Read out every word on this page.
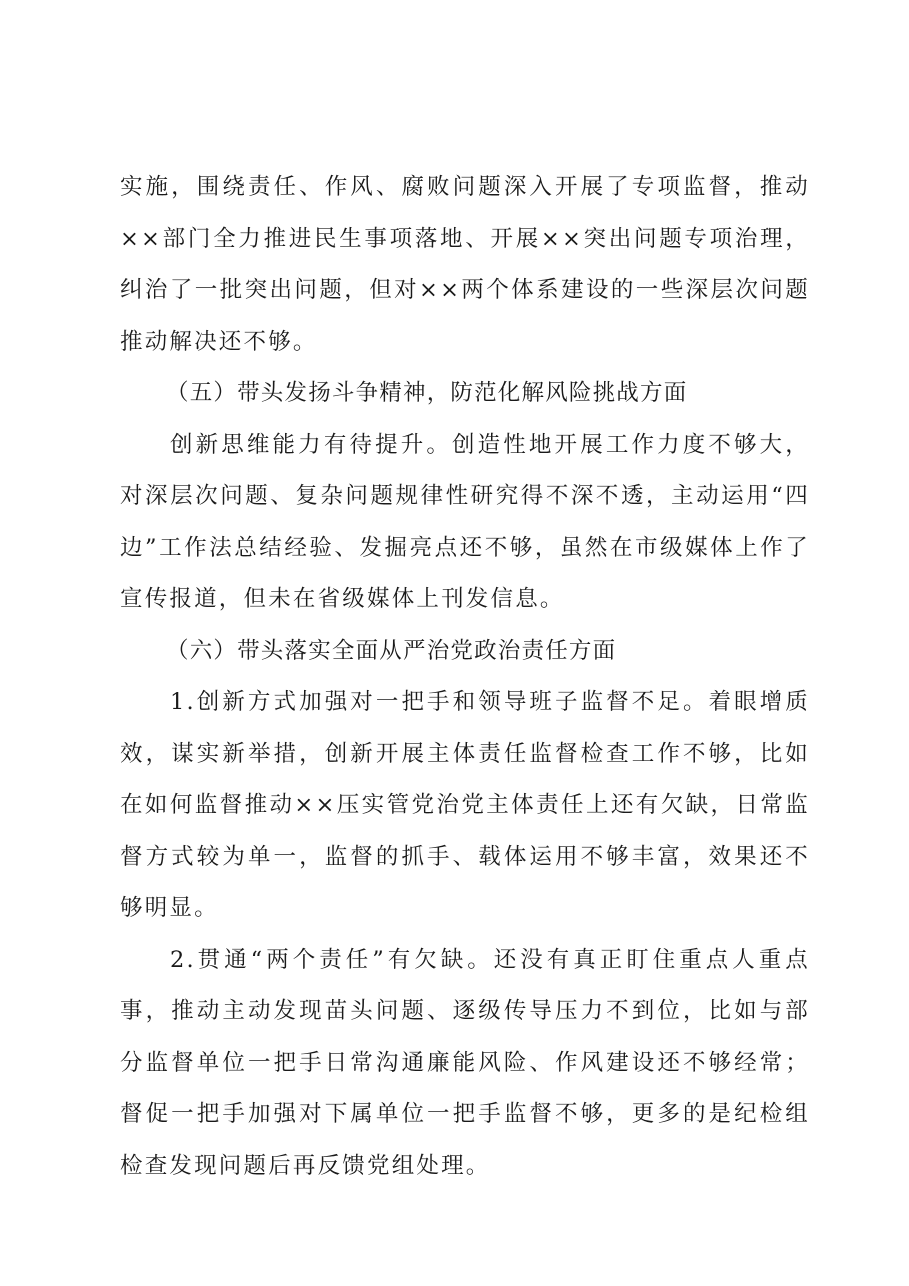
实施，围绕责任、作风、腐败问题深入开展了专项监督，推动××部门全力推进民生事项落地、开展××突出问题专项治理，纠治了一批突出问题，但对××两个体系建设的一些深层次问题推动解决还不够。

（五）带头发扬斗争精神，防范化解风险挑战方面

创新思维能力有待提升。创造性地开展工作力度不够大，对深层次问题、复杂问题规律性研究得不深不透，主动运用“四边”工作法总结经验、发掘亮点还不够，虽然在市级媒体上作了宣传报道，但未在省级媒体上刊发信息。

（六）带头落实全面从严治党政治责任方面

1.创新方式加强对一把手和领导班子监督不足。着眼增质效，谋实新举措，创新开展主体责任监督检查工作不够，比如在如何监督推动××压实管党治党主体责任上还有欠缺，日常监督方式较为单一，监督的抓手、载体运用不够丰富，效果还不够明显。

2.贯通“两个责任”有欠缺。还没有真正盯住重点人重点事，推动主动发现苗头问题、逐级传导压力不到位，比如与部分监督单位一把手日常沟通廉能风险、作风建设还不够经常；督促一把手加强对下属单位一把手监督不够，更多的是纪检组检查发现问题后再反馈党组处理。
